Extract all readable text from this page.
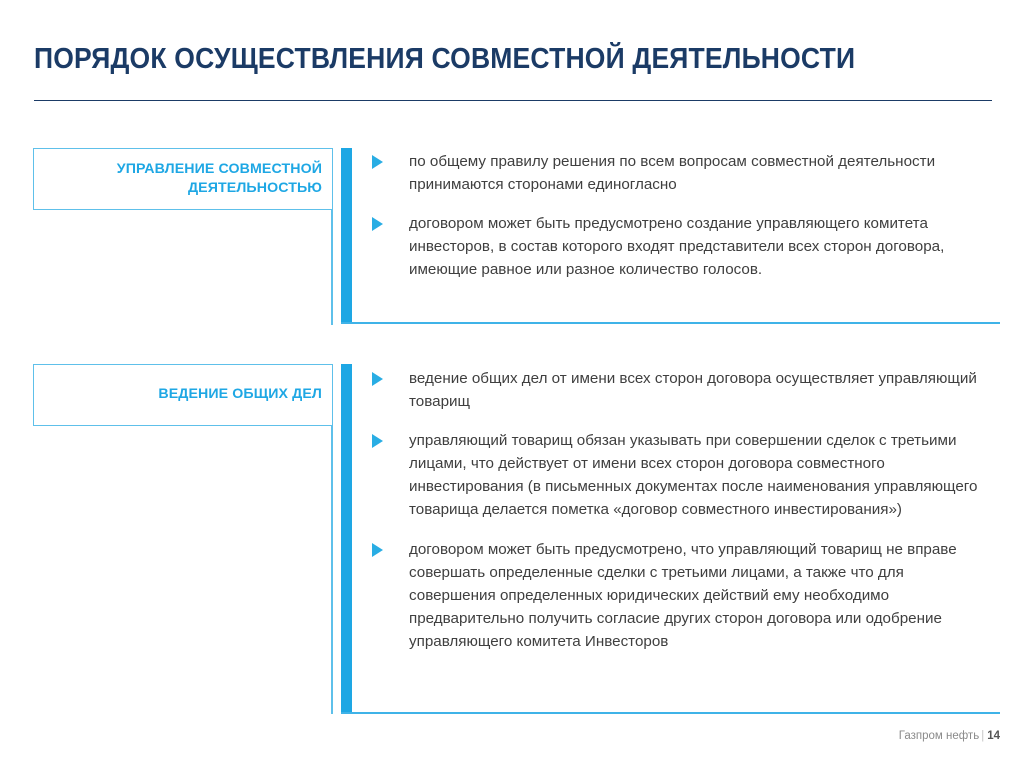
ПОРЯДОК ОСУЩЕСТВЛЕНИЯ СОВМЕСТНОЙ ДЕЯТЕЛЬНОСТИ
УПРАВЛЕНИЕ СОВМЕСТНОЙ ДЕЯТЕЛЬНОСТЬЮ
по общему правилу решения по всем вопросам совместной деятельности принимаются сторонами единогласно
договором может быть предусмотрено создание управляющего комитета инвесторов, в состав которого входят представители всех сторон договора, имеющие равное или разное количество голосов.
ВЕДЕНИЕ ОБЩИХ ДЕЛ
ведение общих дел от имени всех сторон договора осуществляет управляющий товарищ
управляющий товарищ обязан указывать при совершении сделок с третьими лицами, что действует от имени всех сторон договора совместного инвестирования (в письменных документах после наименования управляющего товарища делается пометка «договор совместного инвестирования»)
договором может быть предусмотрено, что управляющий товарищ не вправе совершать определенные сделки с третьими лицами, а также что для совершения определенных юридических действий ему необходимо предварительно получить согласие других сторон договора или одобрение управляющего комитета Инвесторов
Газпром нефть | 14
